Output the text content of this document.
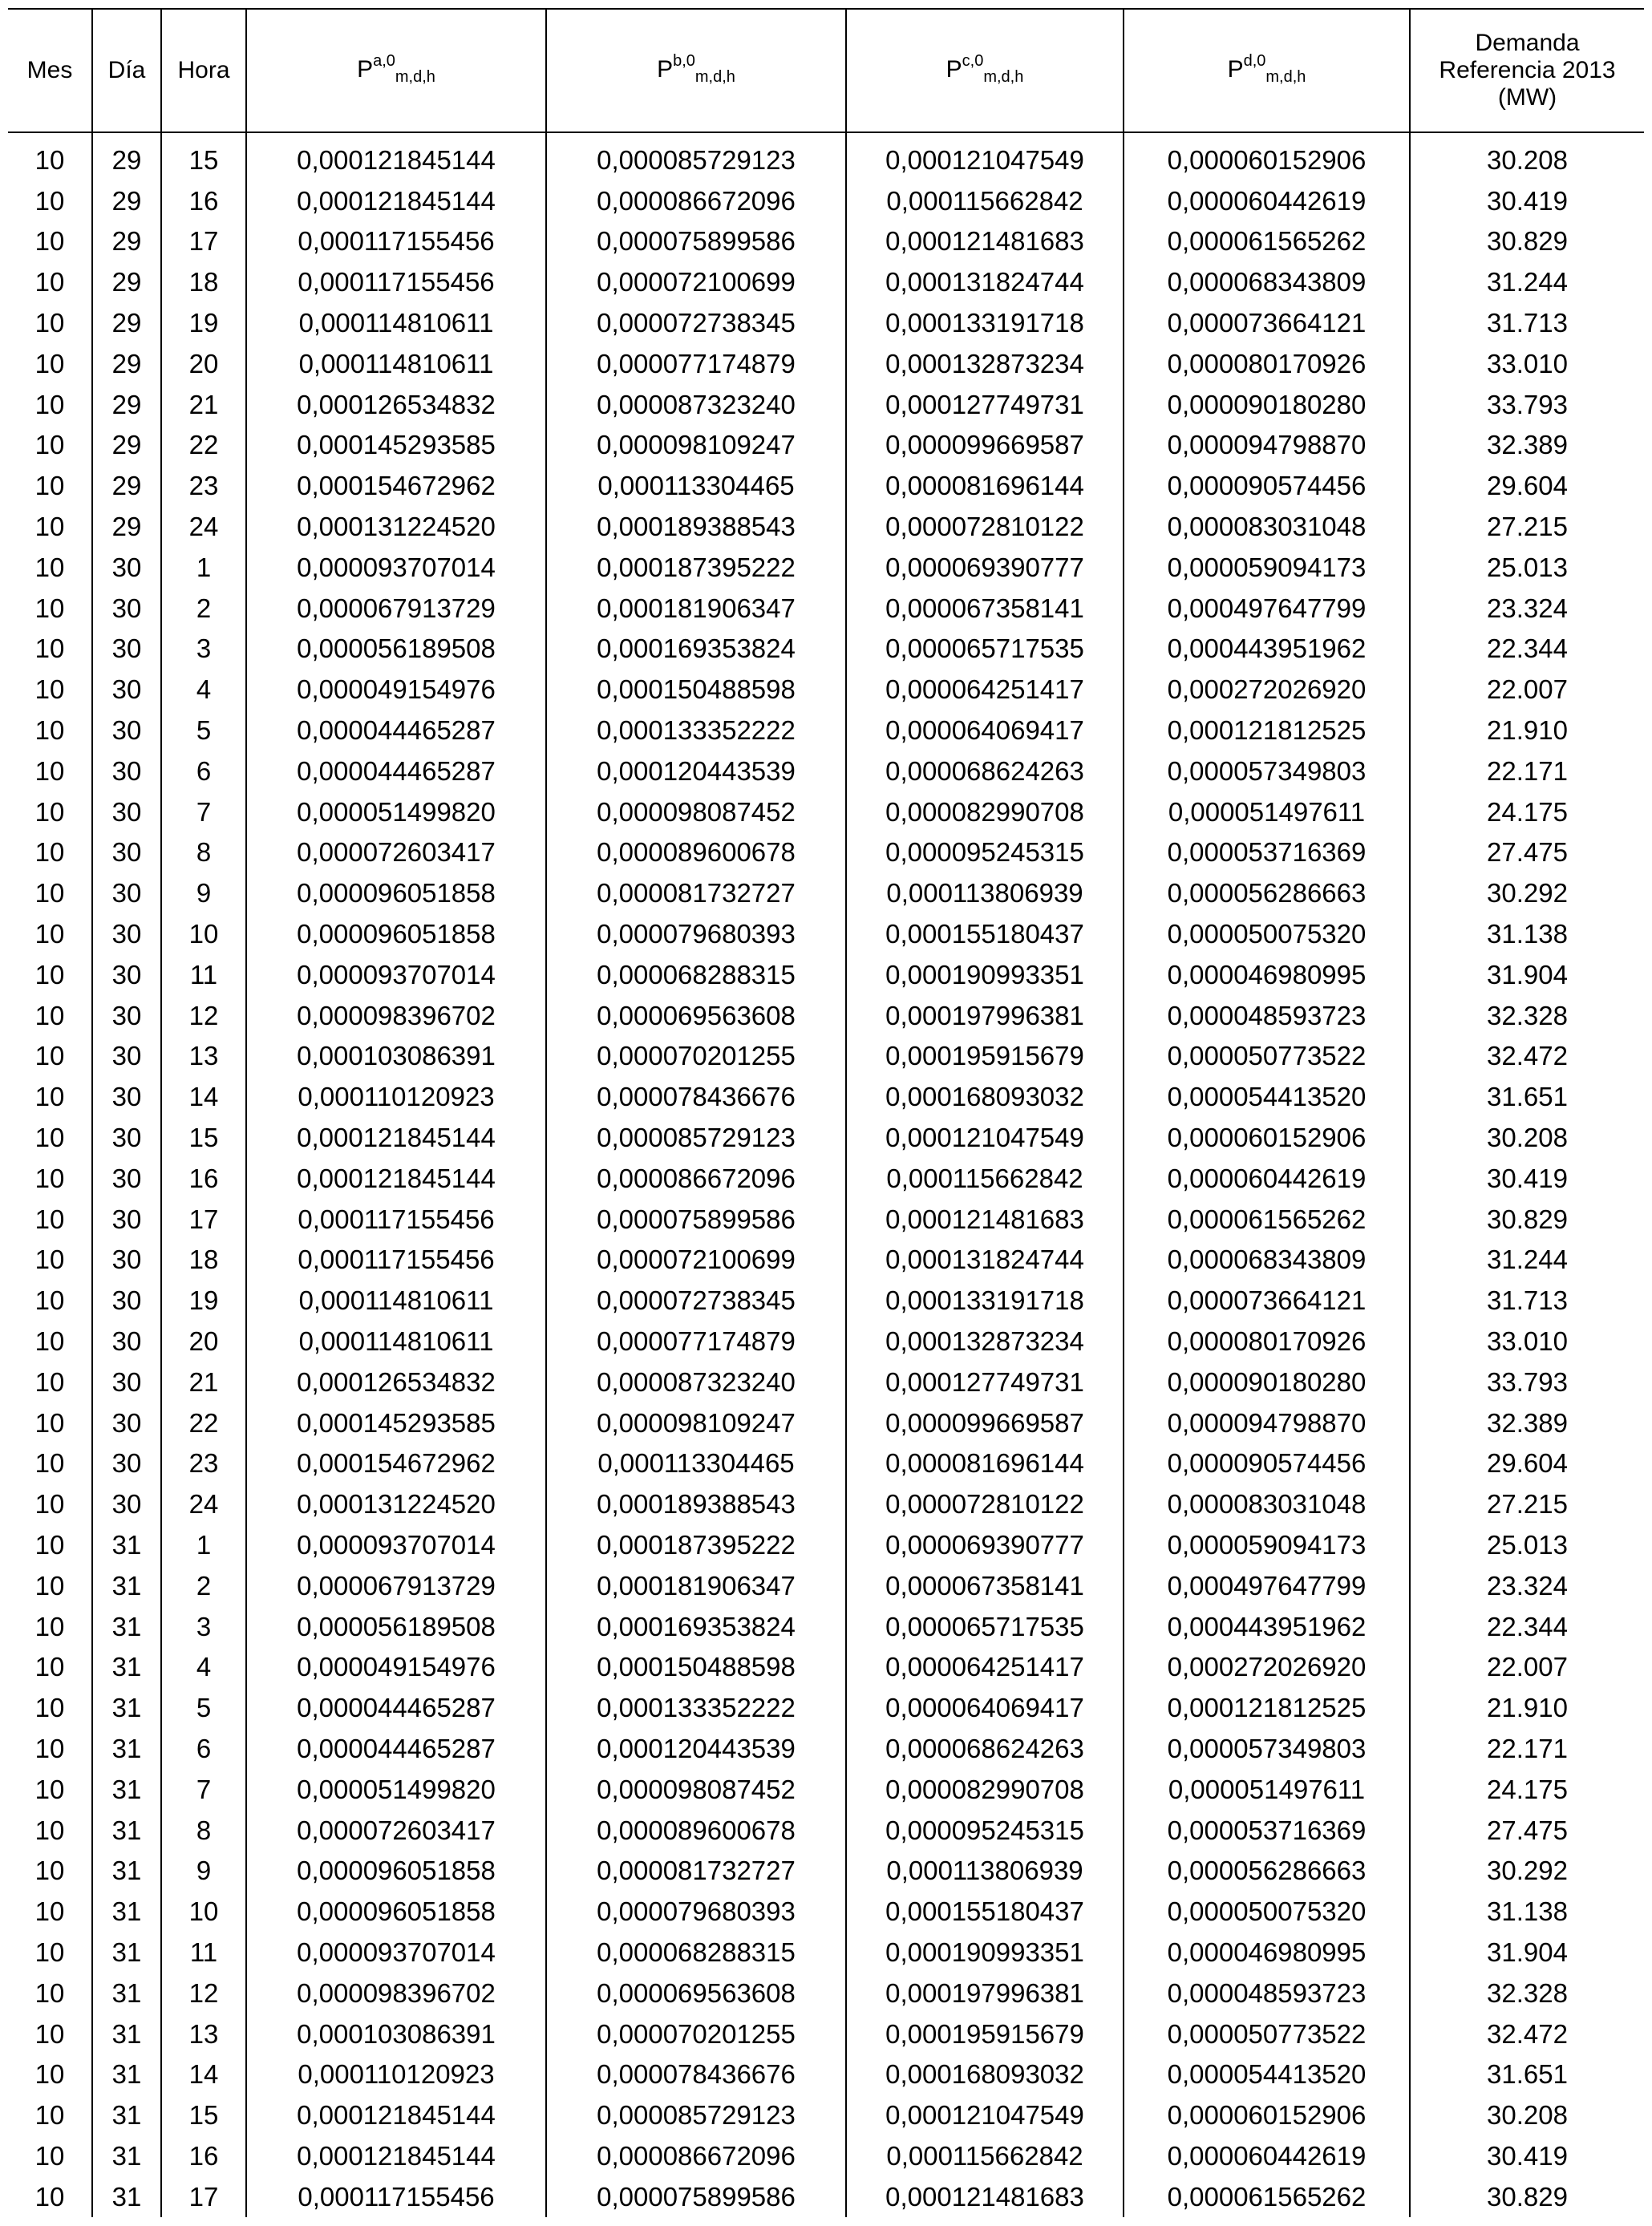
Mes	Día	Hora	P$^{a,0}_{m,d,h}$	P$^{b,0}_{m,d,h}$	P$^{c,0}_{m,d,h}$	P$^{d,0}_{m,d,h}$	Demanda
Referencia 2013
(MW)

10	29	15	0,000121845144	0,000085729123	0,000121047549	0,000060152906	30.208
10	29	16	0,000121845144	0,000086672096	0,000115662842	0,000060442619	30.419
10	29	17	0,000117155456	0,000075899586	0,000121481683	0,000061565262	30.829
10	29	18	0,000117155456	0,000072100699	0,000131824744	0,000068343809	31.244
10	29	19	0,000114810611	0,000072738345	0,000133191718	0,000073664121	31.713
10	29	20	0,000114810611	0,000077174879	0,000132873234	0,000080170926	33.010
10	29	21	0,000126534832	0,000087323240	0,000127749731	0,000090180280	33.793
10	29	22	0,000145293585	0,000098109247	0,000099669587	0,000094798870	32.389
10	29	23	0,000154672962	0,000113304465	0,000081696144	0,000090574456	29.604
10	29	24	0,000131224520	0,000189388543	0,000072810122	0,000083031048	27.215
10	30	1	0,000093707014	0,000187395222	0,000069390777	0,000059094173	25.013
10	30	2	0,000067913729	0,000181906347	0,000067358141	0,000497647799	23.324
10	30	3	0,000056189508	0,000169353824	0,000065717535	0,000443951962	22.344
10	30	4	0,000049154976	0,000150488598	0,000064251417	0,000272026920	22.007
10	30	5	0,000044465287	0,000133352222	0,000064069417	0,000121812525	21.910
10	30	6	0,000044465287	0,000120443539	0,000068624263	0,000057349803	22.171
10	30	7	0,000051499820	0,000098087452	0,000082990708	0,000051497611	24.175
10	30	8	0,000072603417	0,000089600678	0,000095245315	0,000053716369	27.475
10	30	9	0,000096051858	0,000081732727	0,000113806939	0,000056286663	30.292
10	30	10	0,000096051858	0,000079680393	0,000155180437	0,000050075320	31.138
10	30	11	0,000093707014	0,000068288315	0,000190993351	0,000046980995	31.904
10	30	12	0,000098396702	0,000069563608	0,000197996381	0,000048593723	32.328
10	30	13	0,000103086391	0,000070201255	0,000195915679	0,000050773522	32.472
10	30	14	0,000110120923	0,000078436676	0,000168093032	0,000054413520	31.651
10	30	15	0,000121845144	0,000085729123	0,000121047549	0,000060152906	30.208
10	30	16	0,000121845144	0,000086672096	0,000115662842	0,000060442619	30.419
10	30	17	0,000117155456	0,000075899586	0,000121481683	0,000061565262	30.829
10	30	18	0,000117155456	0,000072100699	0,000131824744	0,000068343809	31.244
10	30	19	0,000114810611	0,000072738345	0,000133191718	0,000073664121	31.713
10	30	20	0,000114810611	0,000077174879	0,000132873234	0,000080170926	33.010
10	30	21	0,000126534832	0,000087323240	0,000127749731	0,000090180280	33.793
10	30	22	0,000145293585	0,000098109247	0,000099669587	0,000094798870	32.389
10	30	23	0,000154672962	0,000113304465	0,000081696144	0,000090574456	29.604
10	30	24	0,000131224520	0,000189388543	0,000072810122	0,000083031048	27.215
10	31	1	0,000093707014	0,000187395222	0,000069390777	0,000059094173	25.013
10	31	2	0,000067913729	0,000181906347	0,000067358141	0,000497647799	23.324
10	31	3	0,000056189508	0,000169353824	0,000065717535	0,000443951962	22.344
10	31	4	0,000049154976	0,000150488598	0,000064251417	0,000272026920	22.007
10	31	5	0,000044465287	0,000133352222	0,000064069417	0,000121812525	21.910
10	31	6	0,000044465287	0,000120443539	0,000068624263	0,000057349803	22.171
10	31	7	0,000051499820	0,000098087452	0,000082990708	0,000051497611	24.175
10	31	8	0,000072603417	0,000089600678	0,000095245315	0,000053716369	27.475
10	31	9	0,000096051858	0,000081732727	0,000113806939	0,000056286663	30.292
10	31	10	0,000096051858	0,000079680393	0,000155180437	0,000050075320	31.138
10	31	11	0,000093707014	0,000068288315	0,000190993351	0,000046980995	31.904
10	31	12	0,000098396702	0,000069563608	0,000197996381	0,000048593723	32.328
10	31	13	0,000103086391	0,000070201255	0,000195915679	0,000050773522	32.472
10	31	14	0,000110120923	0,000078436676	0,000168093032	0,000054413520	31.651
10	31	15	0,000121845144	0,000085729123	0,000121047549	0,000060152906	30.208
10	31	16	0,000121845144	0,000086672096	0,000115662842	0,000060442619	30.419
10	31	17	0,000117155456	0,000075899586	0,000121481683	0,000061565262	30.829
